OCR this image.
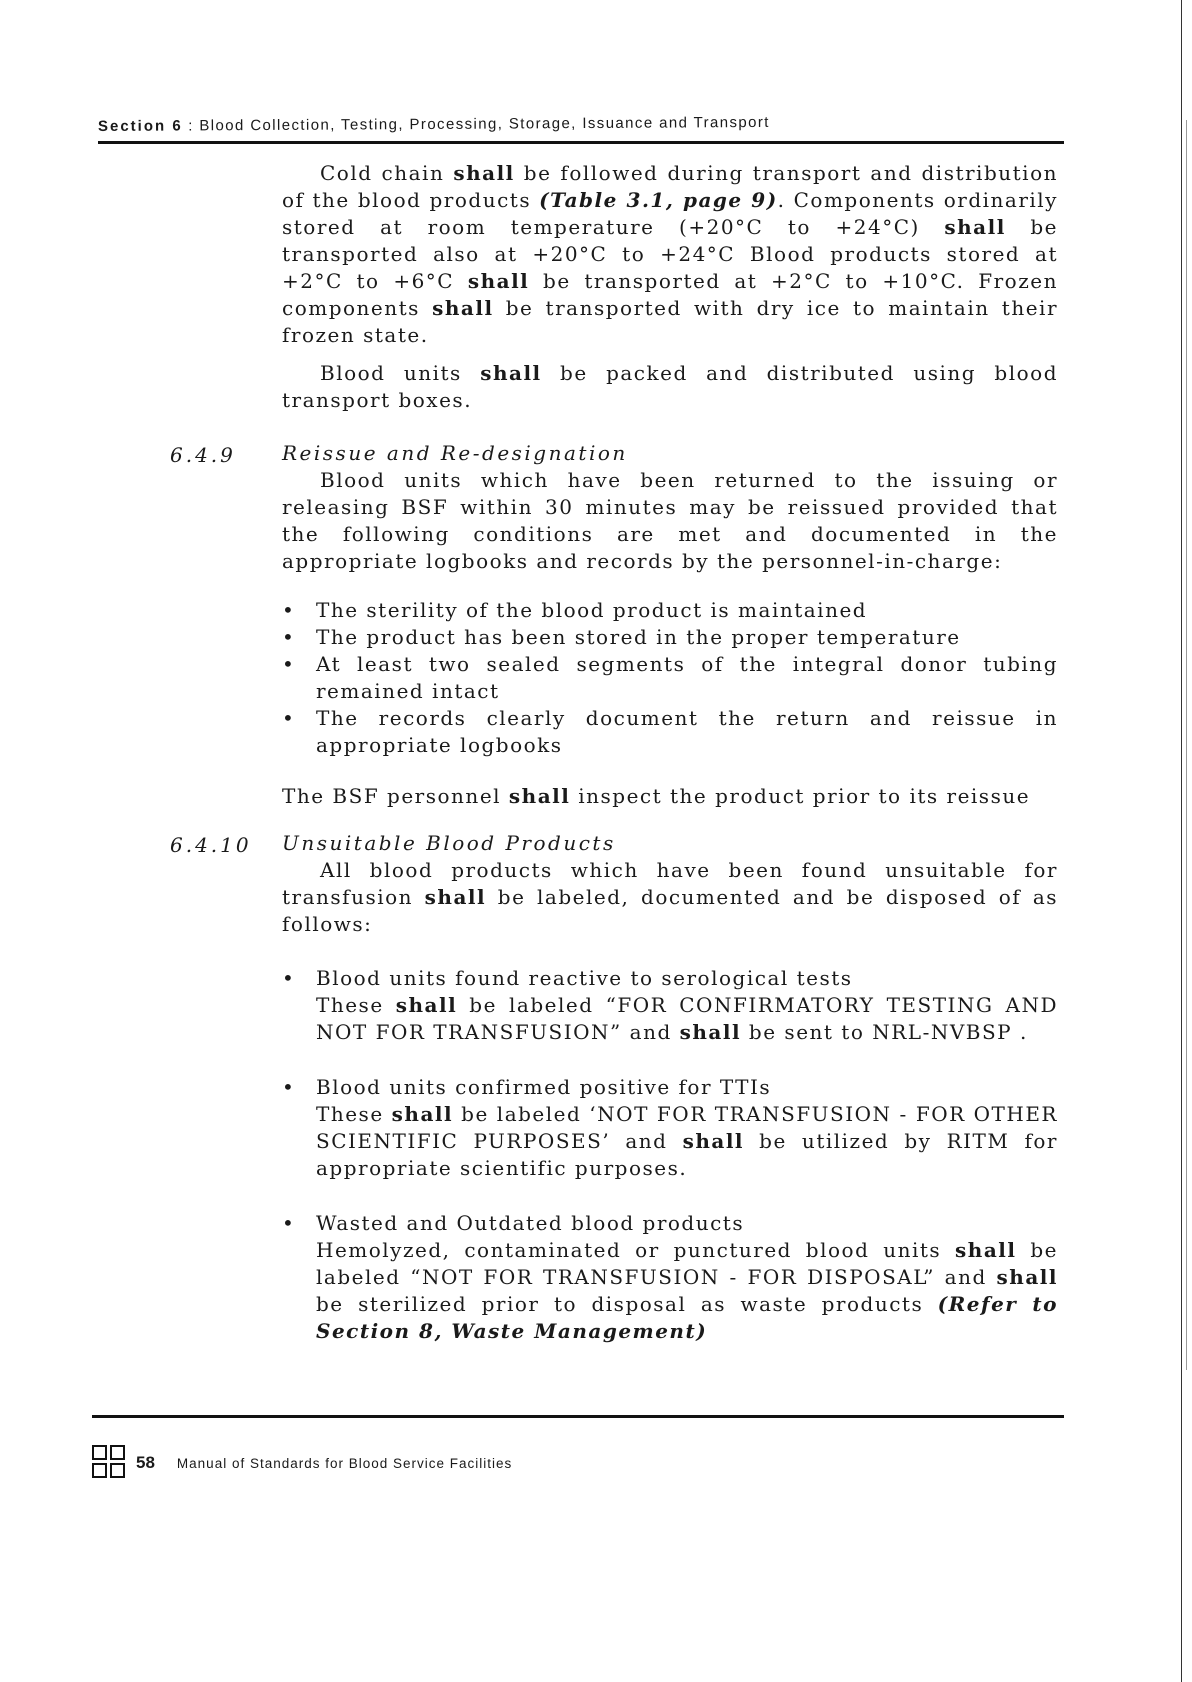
Section 6 : Blood Collection, Testing, Processing, Storage, Issuance and Transport

Cold chain shall be followed during transport and distribution of the blood products (Table 3.1, page 9). Components ordinarily stored at room temperature (+20°C to +24°C) shall be transported also at +20°C to +24°C Blood products stored at +2°C to +6°C shall be transported at +2°C to +10°C. Frozen components shall be transported with dry ice to maintain their frozen state.

Blood units shall be packed and distributed using blood transport boxes.

6.4.9 Reissue and Re-designation

Blood units which have been returned to the issuing or releasing BSF within 30 minutes may be reissued provided that the following conditions are met and documented in the appropriate logbooks and records by the personnel-in-charge:

•	The sterility of the blood product is maintained
•	The product has been stored in the proper temperature
•	At least two sealed segments of the integral donor tubing remained intact
•	The records clearly document the return and reissue in appropriate logbooks

The BSF personnel shall inspect the product prior to its reissue

6.4.10 Unsuitable Blood Products

All blood products which have been found unsuitable for transfusion shall be labeled, documented and be disposed of as follows:

•	Blood units found reactive to serological tests
These shall be labeled “FOR CONFIRMATORY TESTING AND NOT FOR TRANSFUSION” and shall be sent to NRL-NVBSP .
•	Blood units confirmed positive for TTIs
These shall be labeled ‘NOT FOR TRANSFUSION - FOR OTHER SCIENTIFIC PURPOSES’ and shall be utilized by RITM for appropriate scientific purposes.
•	Wasted and Outdated blood products
Hemolyzed, contaminated or punctured blood units shall be labeled “NOT FOR TRANSFUSION - FOR DISPOSAL” and shall be sterilized prior to disposal as waste products (Refer to Section 8, Waste Management)
58 Manual of Standards for Blood Service Facilities
